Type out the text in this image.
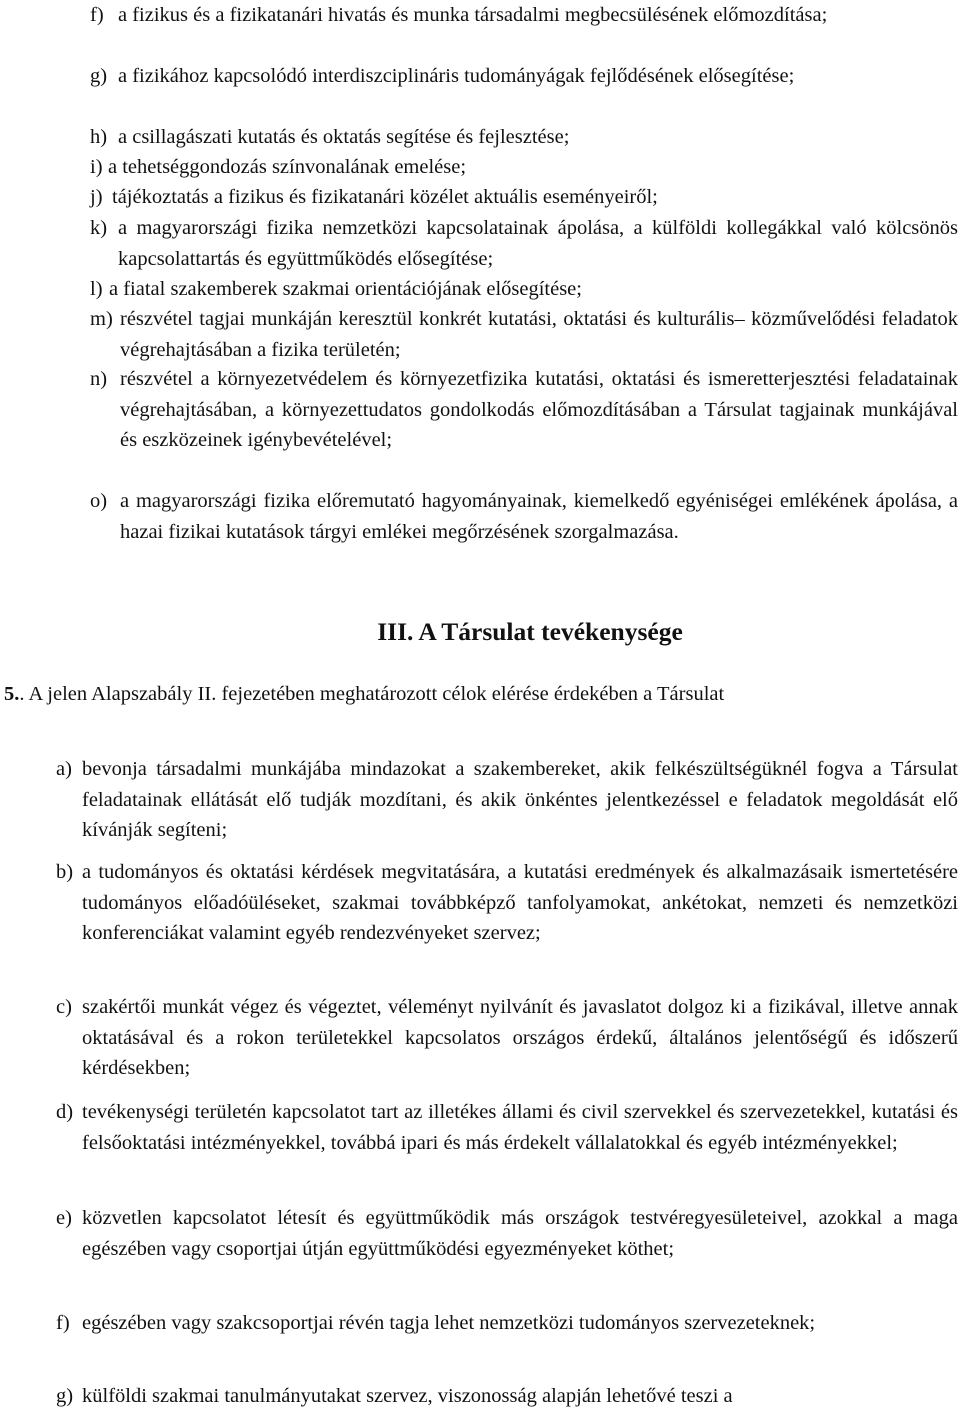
f) a fizikus és a fizikatanári hivatás és munka társadalmi megbecsülésének előmozdítása;
g) a fizikához kapcsolódó interdiszciplináris tudományágak fejlődésének elősegítése;
h) a csillagászati kutatás és oktatás segítése és fejlesztése;
i) a tehetséggondozás színvonalának emelése;
j) tájékoztatás a fizikus és fizikatanári közélet aktuális eseményeiről;
k) a magyarországi fizika nemzetközi kapcsolatainak ápolása, a külföldi kollegákkal való kölcsönös kapcsolattartás és együttműködés elősegítése;
l) a fiatal szakemberek szakmai orientációjának elősegítése;
m) részvétel tagjai munkáján keresztül konkrét kutatási, oktatási és kulturális– közművelődési feladatok végrehajtásában a fizika területén;
n) részvétel a környezetvédelem és környezetfizika kutatási, oktatási és ismeretterjesztési feladatainak végrehajtásában, a környezettudatos gondolkodás előmozdításában a Társulat tagjainak munkájával és eszközeinek igénybevételével;
o) a magyarországi fizika előremutató hagyományainak, kiemelkedő egyéniségei emlékének ápolása, a hazai fizikai kutatások tárgyi emlékei megőrzésének szorgalmazása.
III. A Társulat tevékenysége
5.. A jelen Alapszabály II. fejezetében meghatározott célok elérése érdekében a Társulat
a) bevonja társadalmi munkájába mindazokat a szakembereket, akik felkészültségüknél fogva a Társulat feladatainak ellátását elő tudják mozdítani, és akik önkéntes jelentkezéssel e feladatok megoldását elő kívánják segíteni;
b) a tudományos és oktatási kérdések megvitatására, a kutatási eredmények és alkalmazásaik ismertetésére tudományos előadóüléseket, szakmai továbbképző tanfolyamokat, ankétokat, nemzeti és nemzetközi konferenciákat valamint egyéb rendezvényeket szervez;
c) szakértői munkát végez és végeztet, véleményt nyilvánít és javaslatot dolgoz ki a fizikával, illetve annak oktatásával és a rokon területekkel kapcsolatos országos érdekű, általános jelentőségű és időszerű kérdésekben;
d) tevékenységi területén kapcsolatot tart az illetékes állami és civil szervekkel és szervezetekkel, kutatási és felsőoktatási intézményekkel, továbbá ipari és más érdekelt vállalatokkal és egyéb intézményekkel;
e) közvetlen kapcsolatot létesít és együttműködik más országok testvéregyesületeivel, azokkal a maga egészében vagy csoportjai útján együttműködési egyezményeket köthet;
f) egészében vagy szakcsoportjai révén tagja lehet nemzetközi tudományos szervezeteknek;
g) külföldi szakmai tanulmányutakat szervez, viszonosság alapján lehetővé teszi a
